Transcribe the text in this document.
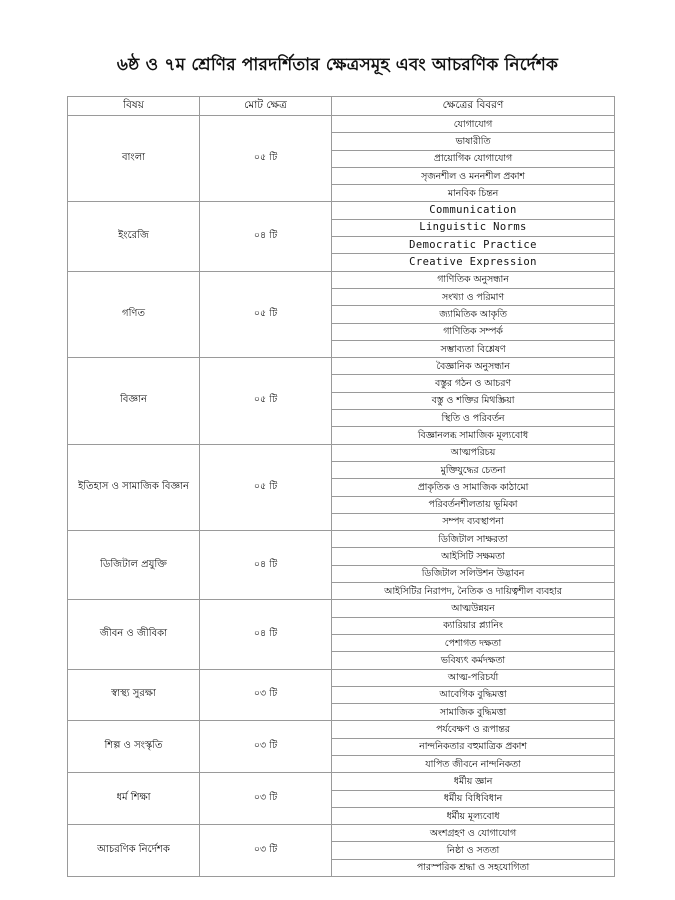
৬ষ্ঠ ও ৭ম শ্রেণির পারদর্শিতার ক্ষেত্রসমূহ এবং আচরণিক নির্দেশক
বিষয়	মোট ক্ষেত্র	ক্ষেত্রের বিবরণ
বাংলা	০৫ টি	যোগাযোগ
		ভাষারীতি
		প্রায়োগিক যোগাযোগ
		সৃজনশীল ও মননশীল প্রকাশ
		মানবিক চিন্তন
ইংরেজি	০৪ টি	Communication
		Linguistic Norms
		Democratic Practice
		Creative Expression
গণিত	০৫ টি	গাণিতিক অনুসন্ধান
		সংখ্যা ও পরিমাণ
		জ্যামিতিক আকৃতি
		গাণিতিক সম্পর্ক
		সম্ভাব্যতা বিশ্লেষণ
বিজ্ঞান	০৫ টি	বৈজ্ঞানিক অনুসন্ধান
		বস্তুর গঠন ও আচরণ
		বস্তু ও শক্তির মিথস্ক্রিয়া
		স্থিতি ও পরিবর্তন
		বিজ্ঞানলব্ধ সামাজিক মূল্যবোধ
ইতিহাস ও সামাজিক বিজ্ঞান	০৫ টি	আত্মপরিচয়
		মুক্তিযুদ্ধের চেতনা
		প্রাকৃতিক ও সামাজিক কাঠামো
		পরিবর্তনশীলতায় ভূমিকা
		সম্পদ ব্যবস্থাপনা
ডিজিটাল প্রযুক্তি	০৪ টি	ডিজিটাল সাক্ষরতা
		আইসিটি সক্ষমতা
		ডিজিটাল সলিউশন উদ্ভাবন
		আইসিটির নিরাপদ, নৈতিক ও দায়িত্বশীল ব্যবহার
জীবন ও জীবিকা	০৪ টি	আত্মউন্নয়ন
		ক্যারিয়ার প্ল্যানিং
		পেশাগত দক্ষতা
		ভবিষ্যৎ কর্মদক্ষতা
স্বাস্থ্য সুরক্ষা	০৩ টি	আত্ম-পরিচর্যা
		আবেগিক বুদ্ধিমত্তা
		সামাজিক বুদ্ধিমত্তা
শিল্প ও সংস্কৃতি	০৩ টি	পর্যবেক্ষণ ও রূপান্তর
		নান্দনিকতার বহুমাত্রিক প্রকাশ
		যাপিত জীবনে নান্দনিকতা
ধর্ম শিক্ষা	০৩ টি	ধর্মীয় জ্ঞান
		ধর্মীয় বিধিবিধান
		ধর্মীয় মূল্যবোধ
আচরণিক নির্দেশক	০৩ টি	অংশগ্রহণ ও যোগাযোগ
		নিষ্ঠা ও সততা
		পারস্পরিক শ্রদ্ধা ও সহযোগিতা
